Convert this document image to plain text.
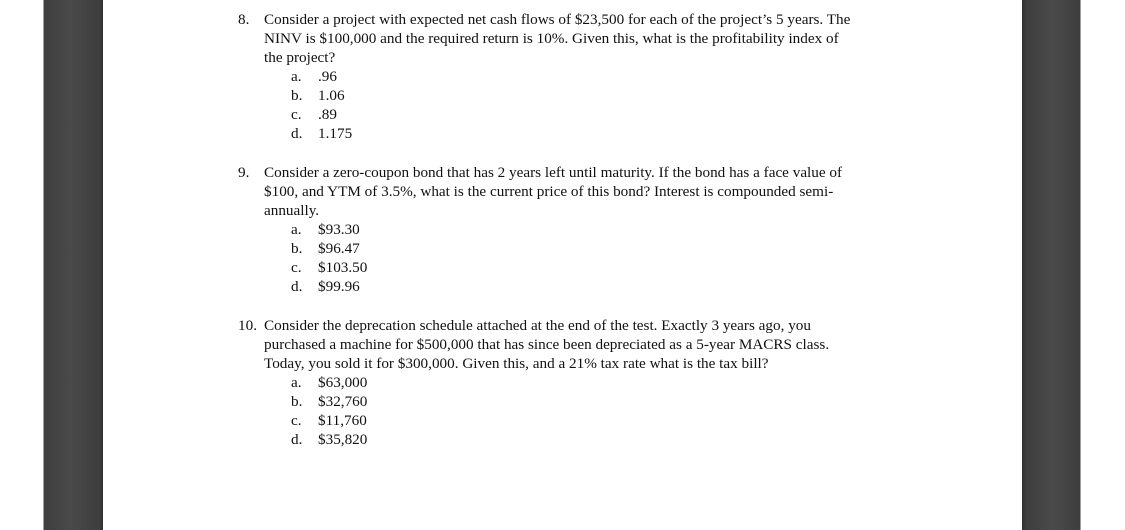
8. Consider a project with expected net cash flows of $23,500 for each of the project’s 5 years. The
NINV is $100,000 and the required return is 10%. Given this, what is the profitability index of
the project?
a. .96
b. 1.06
c. .89
d. 1.175
9. Consider a zero-coupon bond that has 2 years left until maturity. If the bond has a face value of
$100, and YTM of 3.5%, what is the current price of this bond? Interest is compounded semi-
annually.
a. $93.30
b. $96.47
c. $103.50
d. $99.96
10. Consider the deprecation schedule attached at the end of the test. Exactly 3 years ago, you
purchased a machine for $500,000 that has since been depreciated as a 5-year MACRS class.
Today, you sold it for $300,000. Given this, and a 21% tax rate what is the tax bill?
a. $63,000
b. $32,760
c. $11,760
d. $35,820
